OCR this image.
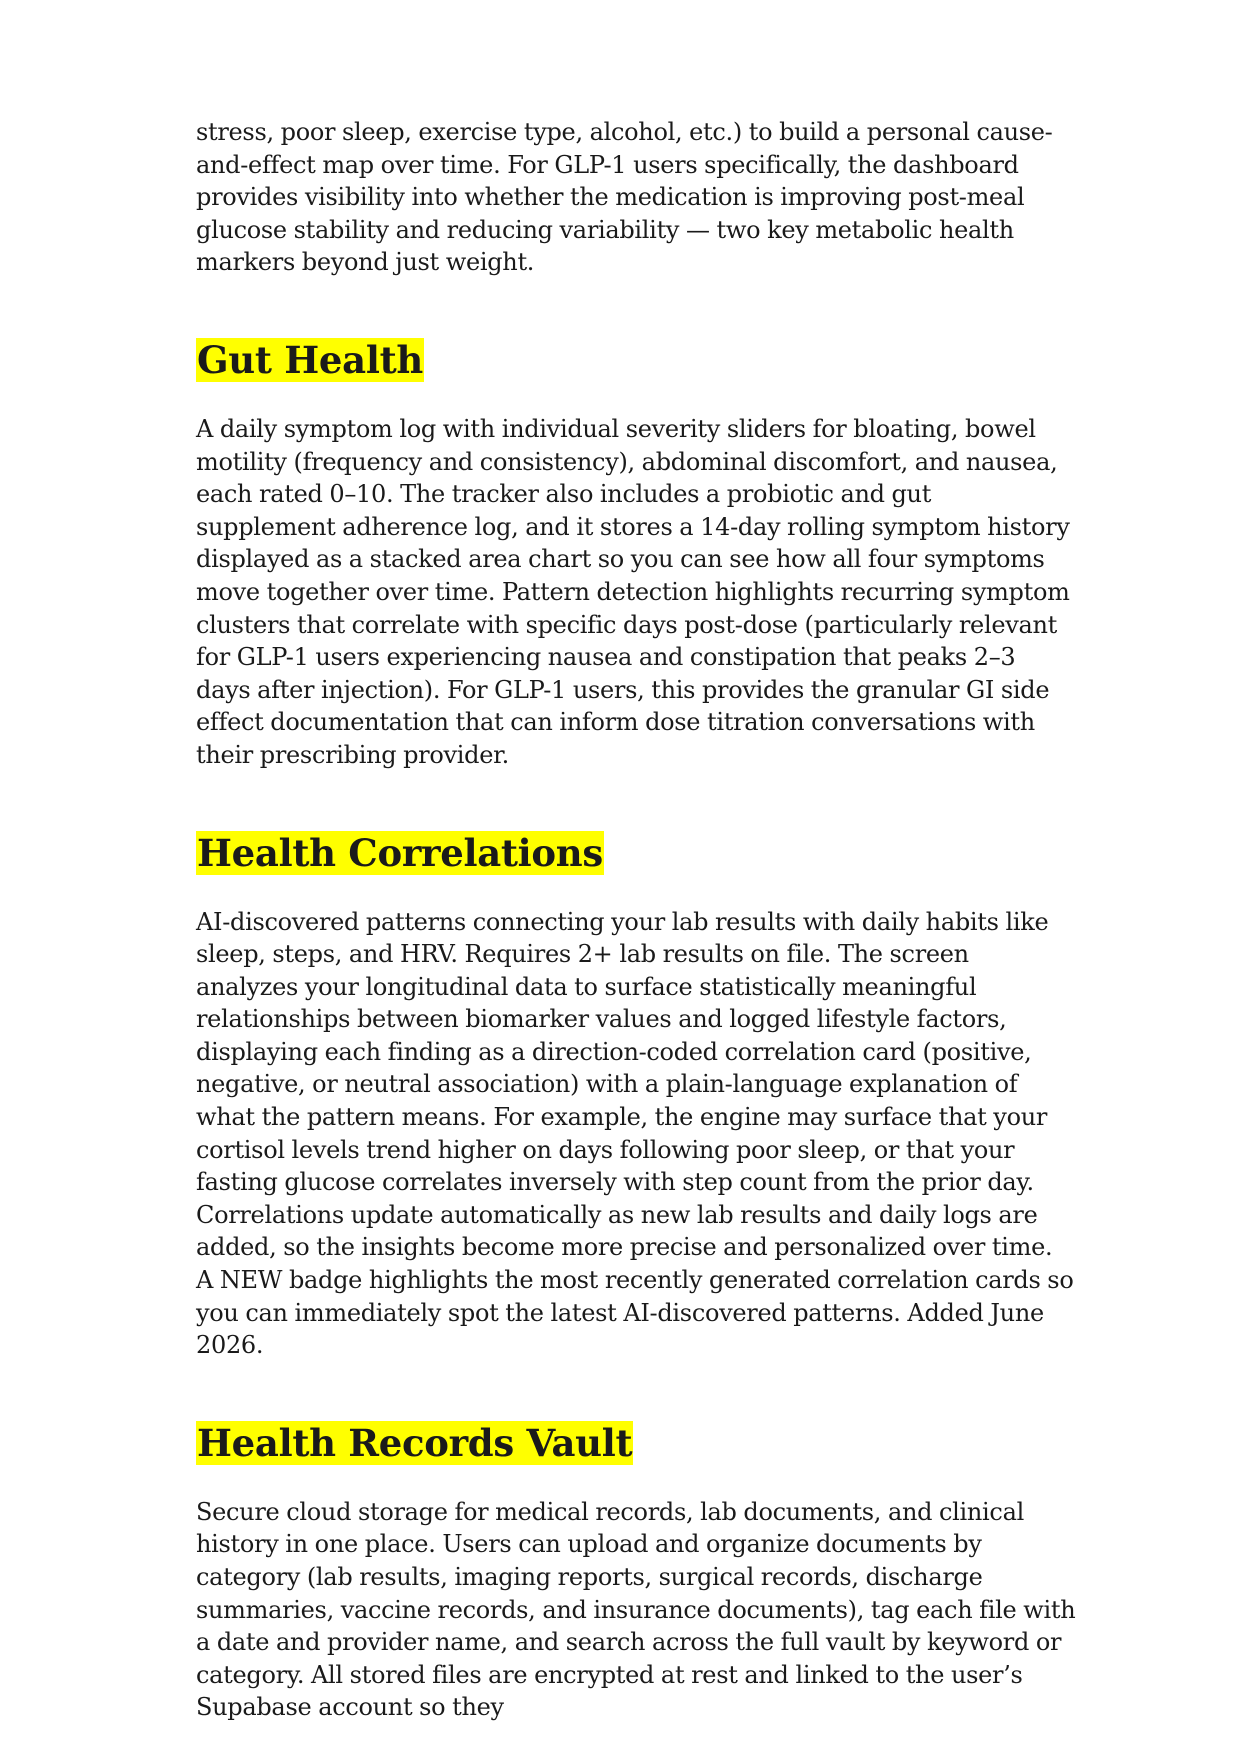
stress, poor sleep, exercise type, alcohol, etc.) to build a personal cause-and-effect map over time. For GLP-1 users specifically, the dashboard provides visibility into whether the medication is improving post-meal glucose stability and reducing variability — two key metabolic health markers beyond just weight.

Gut Health

A daily symptom log with individual severity sliders for bloating, bowel motility (frequency and consistency), abdominal discomfort, and nausea, each rated 0–10. The tracker also includes a probiotic and gut supplement adherence log, and it stores a 14-day rolling symptom history displayed as a stacked area chart so you can see how all four symptoms move together over time. Pattern detection highlights recurring symptom clusters that correlate with specific days post-dose (particularly relevant for GLP-1 users experiencing nausea and constipation that peaks 2–3 days after injection). For GLP-1 users, this provides the granular GI side effect documentation that can inform dose titration conversations with their prescribing provider.

Health Correlations

AI-discovered patterns connecting your lab results with daily habits like sleep, steps, and HRV. Requires 2+ lab results on file. The screen analyzes your longitudinal data to surface statistically meaningful relationships between biomarker values and logged lifestyle factors, displaying each finding as a direction-coded correlation card (positive, negative, or neutral association) with a plain-language explanation of what the pattern means. For example, the engine may surface that your cortisol levels trend higher on days following poor sleep, or that your fasting glucose correlates inversely with step count from the prior day. Correlations update automatically as new lab results and daily logs are added, so the insights become more precise and personalized over time. A NEW badge highlights the most recently generated correlation cards so you can immediately spot the latest AI-discovered patterns. Added June 2026.

Health Records Vault

Secure cloud storage for medical records, lab documents, and clinical history in one place. Users can upload and organize documents by category (lab results, imaging reports, surgical records, discharge summaries, vaccine records, and insurance documents), tag each file with a date and provider name, and search across the full vault by keyword or category. All stored files are encrypted at rest and linked to the user’s Supabase account so they
